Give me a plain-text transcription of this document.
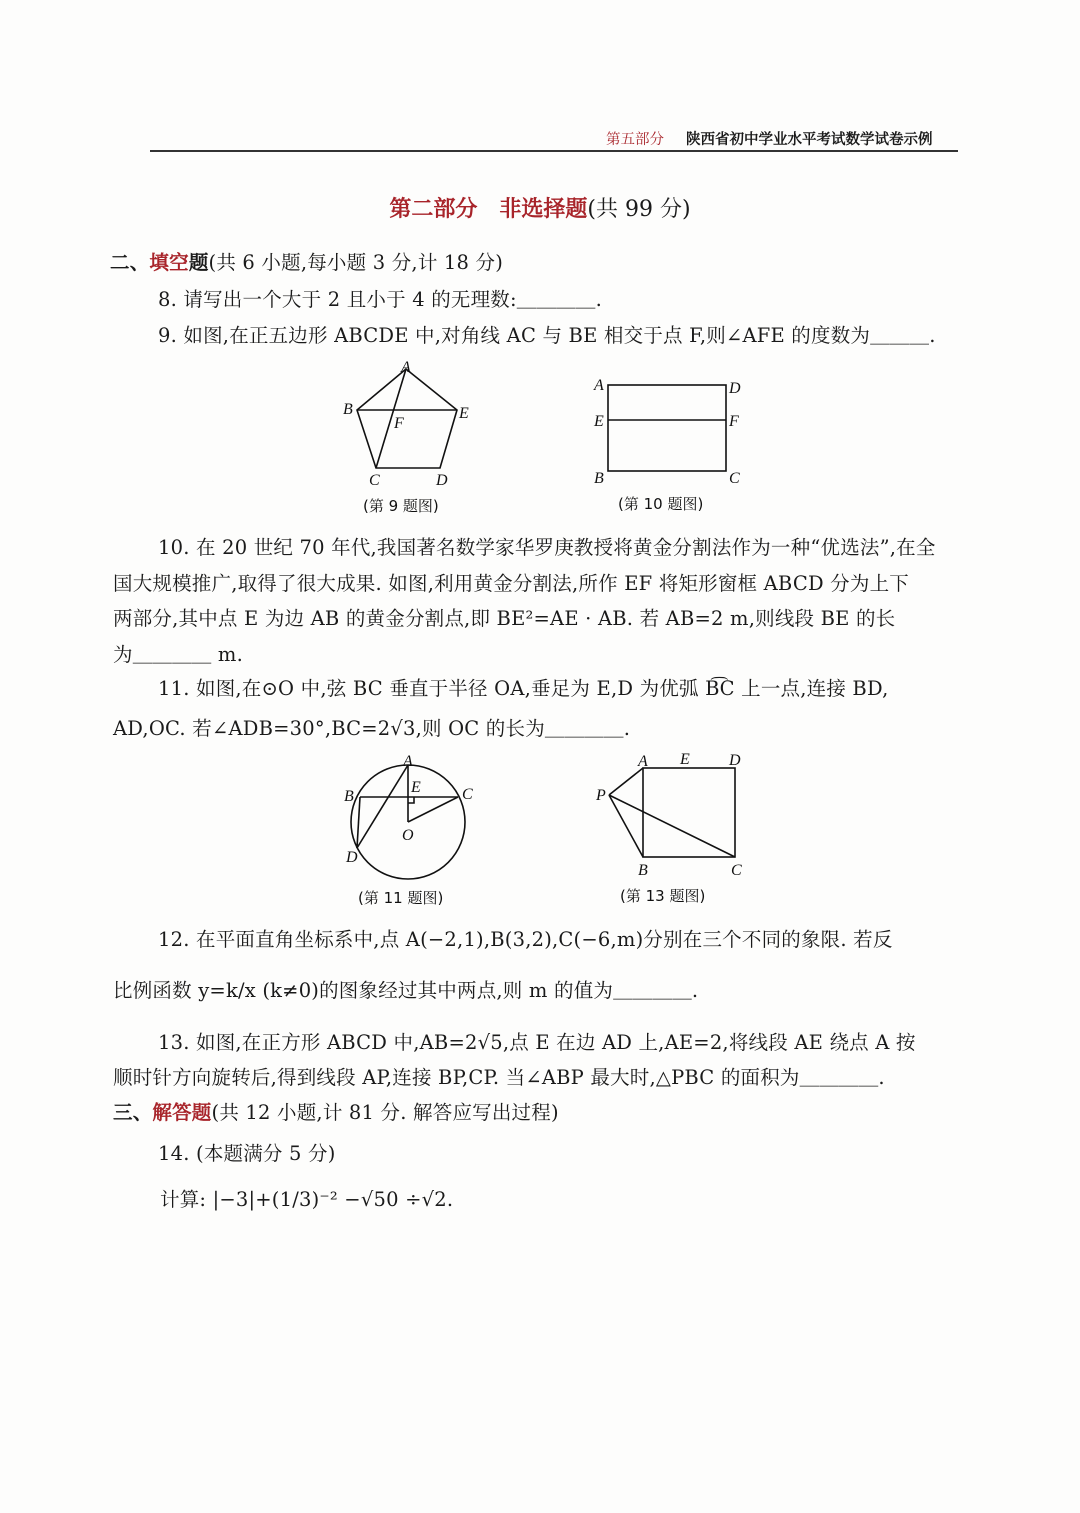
第五部分 陕西省初中学业水平考试数学试卷示例
第二部分　非选择题(共 99 分)
二、填空题(共 6 小题,每小题 3 分,计 18 分)
8. 请写出一个大于 2 且小于 4 的无理数:＿＿＿＿.
9. 如图,在正五边形 ABCDE 中,对角线 AC 与 BE 相交于点 F,则∠AFE 的度数为＿＿＿.
10. 在 20 世纪 70 年代,我国著名数学家华罗庚教授将黄金分割法作为一种“优选法”,在全
国大规模推广,取得了很大成果. 如图,利用黄金分割法,所作 EF 将矩形窗框 ABCD 分为上下
两部分,其中点 E 为边 AB 的黄金分割点,即 BE²=AE · AB. 若 AB=2 m,则线段 BE 的长
为＿＿＿＿ m.
11. 如图,在⊙O 中,弦 BC 垂直于半径 OA,垂足为 E,D 为优弧 B͡C 上一点,连接 BD,
AD,OC. 若∠ADB=30°,BC=2√3,则 OC 的长为＿＿＿＿.
12. 在平面直角坐标系中,点 A(−2,1),B(3,2),C(−6,m)分别在三个不同的象限. 若反
比例函数 y=k/x (k≠0)的图象经过其中两点,则 m 的值为＿＿＿＿.
13. 如图,在正方形 ABCD 中,AB=2√5,点 E 在边 AD 上,AE=2,将线段 AE 绕点 A 按
顺时针方向旋转后,得到线段 AP,连接 BP,CP. 当∠ABP 最大时,△PBC 的面积为＿＿＿＿.
三、解答题(共 12 小题,计 81 分. 解答应写出过程)
14. (本题满分 5 分)
计算: |−3|+(1/3)⁻² −√50 ÷√2.
A
B	E
F
C	D
(第 9 题图)
A	D
E	F
B	C
(第 10 题图)
A
B
E	C
O
D
(第 11 题图)
A E D
P
B	C
(第 13 题图)
